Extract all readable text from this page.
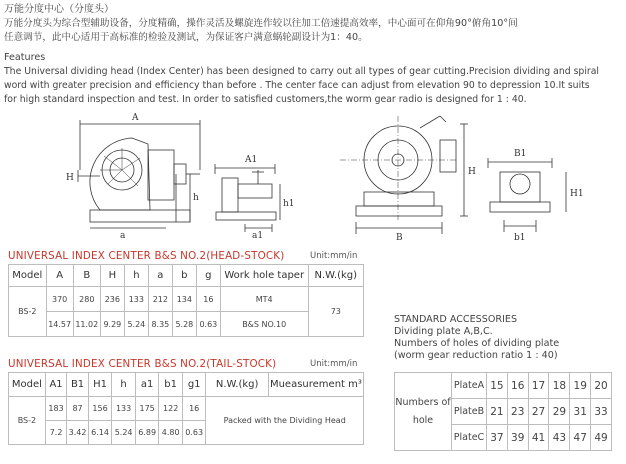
万能分度中心（分度头）
万能分度头为综合型辅助设备，分度精确，操作灵活及螺旋连作较以往加工倍速提高效率，中心面可在仰角90°俯角10°间
任意调节，此中心适用于高标准的检验及测试，为保证客户满意蜗轮副设计为1：40。
Features
The Universal dividing head (Index Center) has been designed to carry out all types of gear cutting.Precision dividing and spiral
word with greater precision and efficiency than before . The center face can adjust from elevation 90 to depression 10.It suits
for high standard inspection and test. In order to satisfied customers,the worm gear radio is designed for 1 : 40.
A
a
h
H
A1
a1
h1
B
H
B1
b1
H1
UNIVERSAL INDEX CENTER B&S NO.2(HEAD-STOCK)	Unit:mm/in
Model	A	B	H	h	a	b	g	Work hole taper	N.W.(kg)
BS-2	370	280	236	133	212	134	16	MT4	73
	14.57	11.02	9.29	5.24	8.35	5.28	0.63	B&S NO.10	
UNIVERSAL INDEX CENTER B&S NO.2(TAIL-STOCK)	Unit:mm/in
Model	A1	B1	H1	h	a1	b1	g1	N.W.(kg)	Mueasurement m³
BS-2	183	87	156	133	175	122	16	Packed with the Dividing Head	
	7.2	3.42	6.14	5.24	6.89	4.80	0.63		
STANDARD ACCESSORIES
Dividing plate A,B,C.
Numbers of holes of dividing plate
(worm gear reduction ratio 1 : 40)
Numbers of
hole	PlateA	15	16	17	18	19	20
	PlateB	21	23	27	29	31	33
	PlateC	37	39	41	43	47	49
